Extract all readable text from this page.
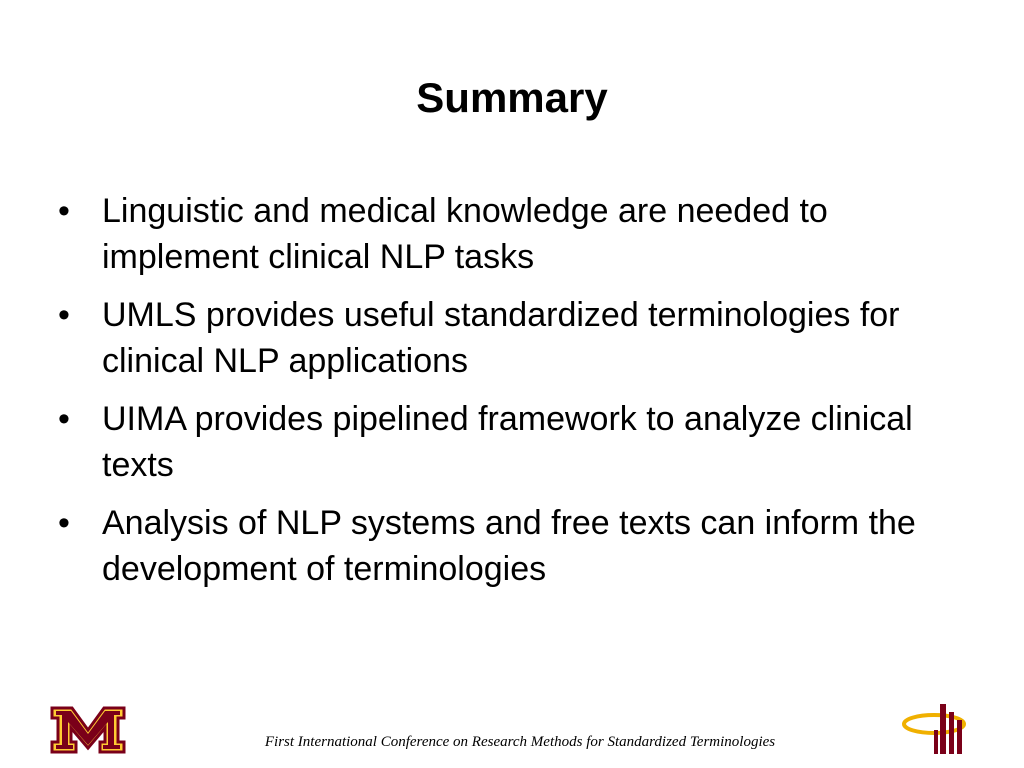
Summary
• Linguistic and medical knowledge are needed to implement clinical NLP tasks
• UMLS provides useful standardized terminologies for clinical NLP applications
• UIMA provides pipelined framework to analyze clinical texts
• Analysis of NLP systems and free texts can inform the development of terminologies
First International Conference on Research Methods for Standardized Terminologies
